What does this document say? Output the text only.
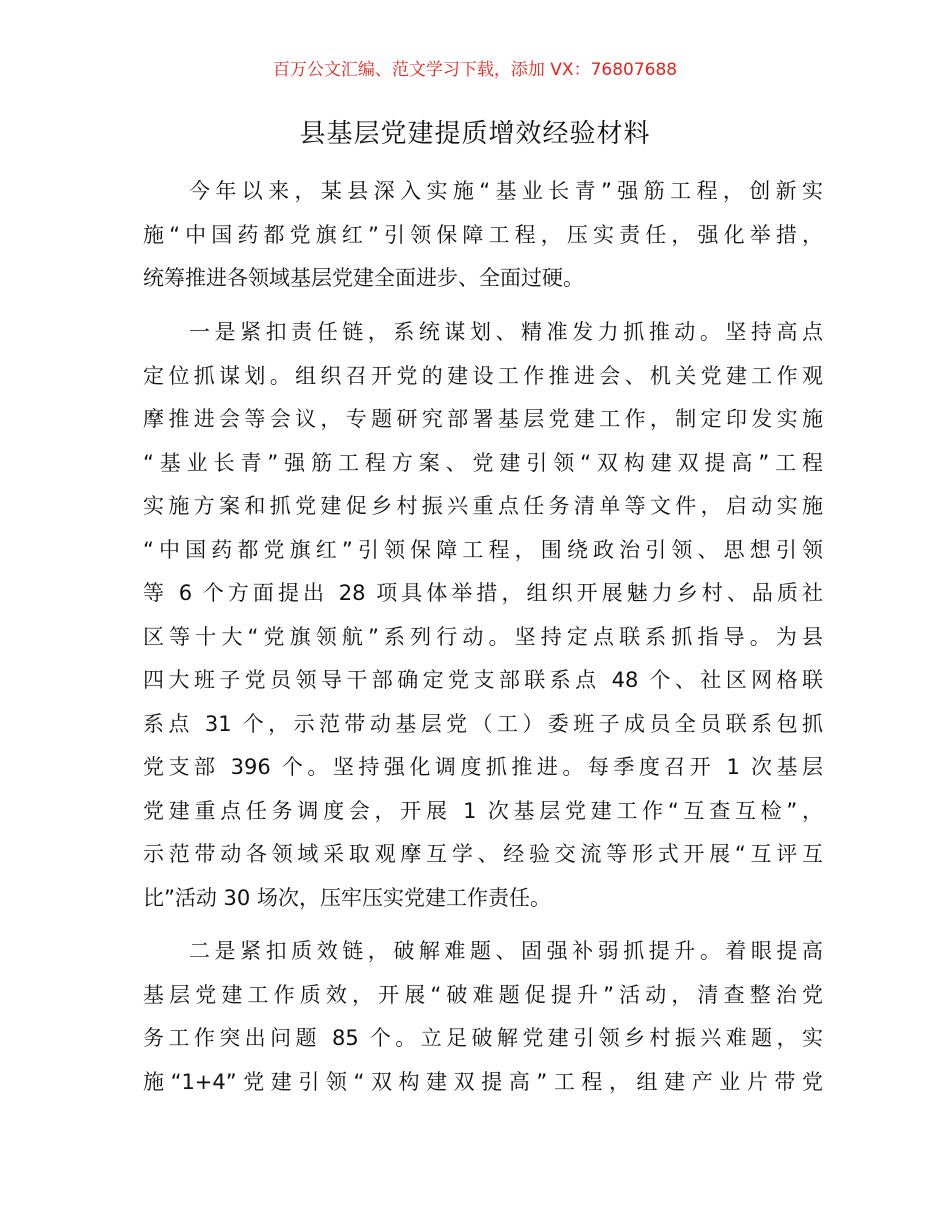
百万公文汇编、范文学习下载，添加 VX：76807688
县基层党建提质增效经验材料
今年以来，某县深入实施“基业长青”强筋工程，创新实
施“中国药都党旗红”引领保障工程，压实责任，强化举措，
统筹推进各领域基层党建全面进步、全面过硬。
一是紧扣责任链，系统谋划、精准发力抓推动。坚持高点
定位抓谋划。组织召开党的建设工作推进会、机关党建工作观
摩推进会等会议，专题研究部署基层党建工作，制定印发实施
“基业长青”强筋工程方案、党建引领“双构建双提高”工程
实施方案和抓党建促乡村振兴重点任务清单等文件，启动实施
“中国药都党旗红”引领保障工程，围绕政治引领、思想引领
等 6 个方面提出 28 项具体举措，组织开展魅力乡村、品质社
区等十大“党旗领航”系列行动。坚持定点联系抓指导。为县
四大班子党员领导干部确定党支部联系点 48 个、社区网格联
系点 31 个，示范带动基层党（工）委班子成员全员联系包抓
党支部 396 个。坚持强化调度抓推进。每季度召开 1 次基层
党建重点任务调度会，开展 1 次基层党建工作“互查互检”，
示范带动各领域采取观摩互学、经验交流等形式开展“互评互
比”活动 30 场次，压牢压实党建工作责任。
二是紧扣质效链，破解难题、固强补弱抓提升。着眼提高
基层党建工作质效，开展“破难题促提升”活动，清查整治党
务工作突出问题 85 个。立足破解党建引领乡村振兴难题，实
施“1+4”党建引领“双构建双提高”工程，组建产业片带党
